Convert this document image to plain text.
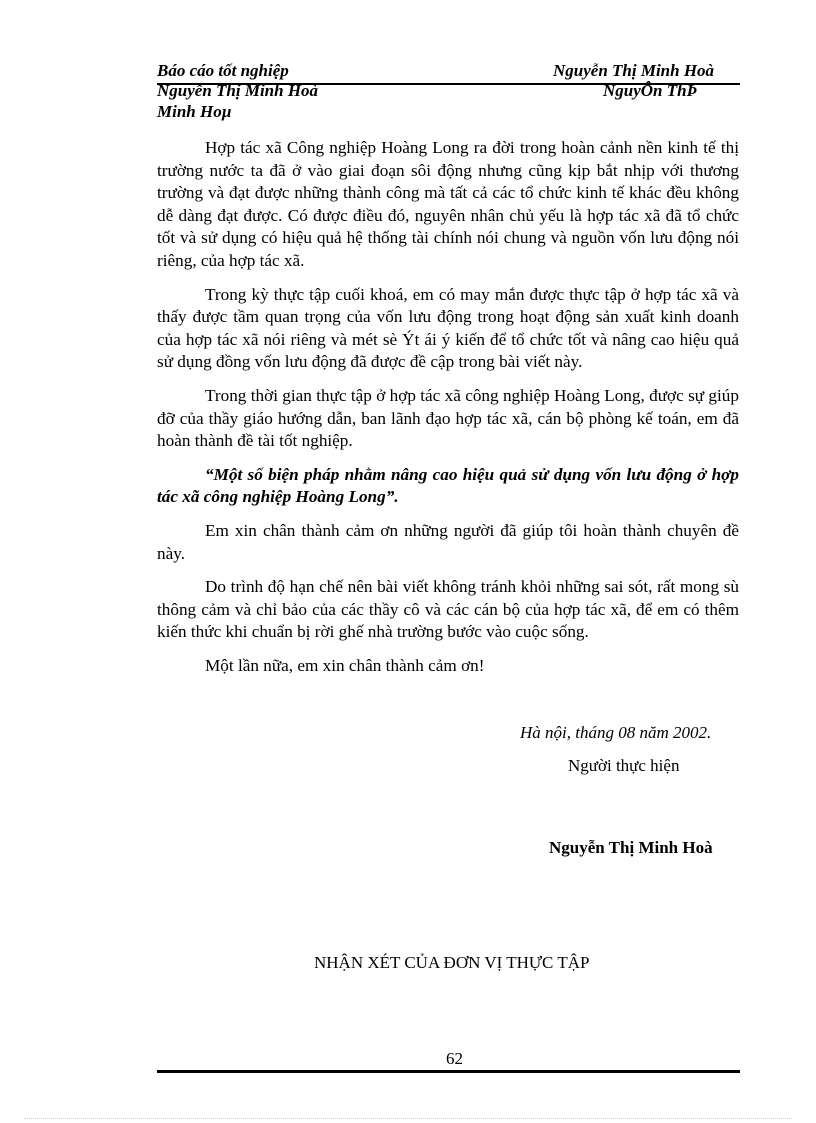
Báo cáo tốt nghiệp	Nguyễn Thị Minh Hoà
Nguyễn Thị Minh Hoà	NguyÔn ThÞ
Minh Hoµ

Hợp tác xã Công nghiệp Hoàng Long ra đời trong hoàn cảnh nền kinh tế thị trường nước ta đã ở vào giai đoạn sôi động nhưng cũng kịp bắt nhịp với thương trường và đạt được những thành công mà tất cả các tổ chức kinh tế khác đều không dễ dàng đạt được. Có được điều đó, nguyên nhân chủ yếu là hợp tác xã đã tổ chức tốt và sử dụng có hiệu quả hệ thống tài chính nói chung và nguồn vốn lưu động nói riêng, của hợp tác xã.

Trong kỳ thực tập cuối khoá, em có may mắn được thực tập ở hợp tác xã và thấy được tầm quan trọng của vốn lưu động trong hoạt động sản xuất kinh doanh của hợp tác xã nói riêng và mét sè Ýt ái ý kiến để tổ chức tốt và nâng cao hiệu quả sử dụng đồng vốn lưu động đã được đề cập trong bài viết này.

Trong thời gian thực tập ở hợp tác xã công nghiệp Hoàng Long, được sự giúp đỡ của thầy giáo hướng dẫn, ban lãnh đạo hợp tác xã, cán bộ phòng kế toán, em đã hoàn thành đề tài tốt nghiệp.

“Một số biện pháp nhằm nâng cao hiệu quả sử dụng vốn lưu động ở hợp tác xã công nghiệp Hoàng Long”.

Em xin chân thành cảm ơn những người đã giúp tôi hoàn thành chuyên đề này.

Do trình độ hạn chế nên bài viết không tránh khỏi những sai sót, rất mong sù thông cảm và chỉ bảo của các thầy cô và các cán bộ của hợp tác xã, để em có thêm kiến thức khi chuẩn bị rời ghế nhà trường bước vào cuộc sống.

Một lần nữa, em xin chân thành cảm ơn!

Hà nội, tháng 08 năm 2002.
Người thực hiện
Nguyễn Thị Minh Hoà
NHẬN XÉT CỦA ĐƠN VỊ THỰC TẬP
62
